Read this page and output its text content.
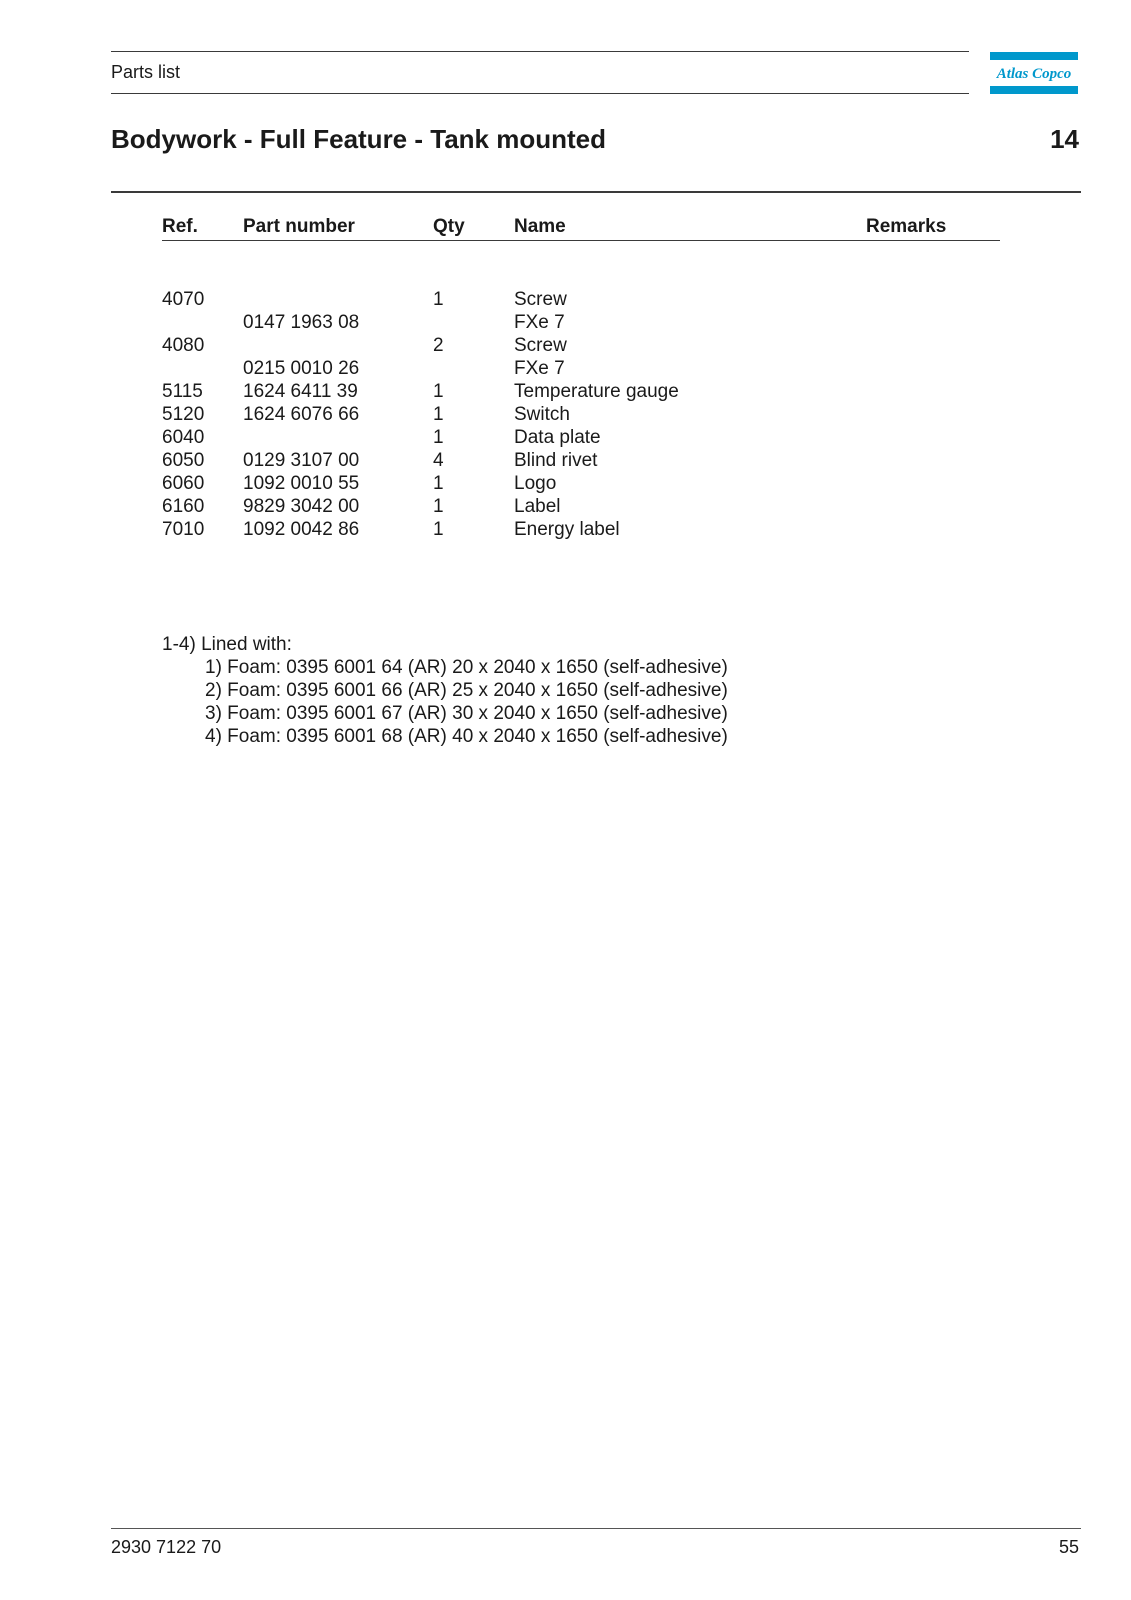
Parts list	Atlas Copco
Bodywork - Full Feature - Tank mounted	14
Ref. Part number	Qty	Name	Remarks
4070		1	Screw	
	0147 1963 08		FXe 7	
4080		2	Screw	
	0215 0010 26		FXe 7	
5115	1624 6411 39	1	Temperature gauge	
5120	1624 6076 66	1	Switch	
6040		1	Data plate	
6050	0129 3107 00	4	Blind rivet	
6060	1092 0010 55	1	Logo	
6160	9829 3042 00	1	Label	
7010	1092 0042 86	1	Energy label	
1-4) Lined with:
1) Foam: 0395 6001 64 (AR) 20 x 2040 x 1650 (self-adhesive)
2) Foam: 0395 6001 66 (AR) 25 x 2040 x 1650 (self-adhesive)
3) Foam: 0395 6001 67 (AR) 30 x 2040 x 1650 (self-adhesive)
4) Foam: 0395 6001 68 (AR) 40 x 2040 x 1650 (self-adhesive)
2930 7122 70	55
